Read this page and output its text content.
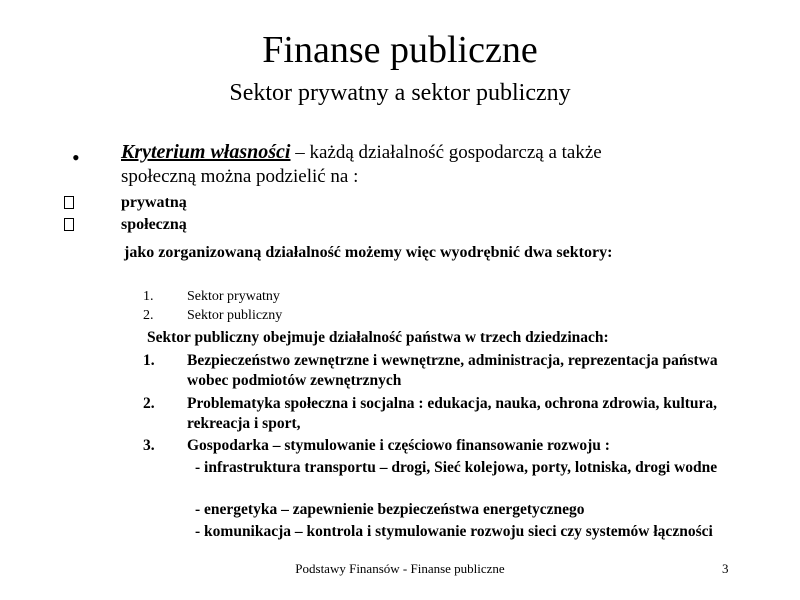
Finanse publiczne
Sektor prywatny a sektor publiczny
• Kryterium własności – każdą działalność gospodarczą a także
społeczną można podzielić na :
prywatną
społeczną
jako zorganizowaną działalność możemy więc wyodrębnić dwa sektory:
1. Sektor prywatny
2. Sektor publiczny
Sektor publiczny obejmuje działalność państwa w trzech dziedzinach:
1. Bezpieczeństwo zewnętrzne i wewnętrzne, administracja, reprezentacja państwa wobec podmiotów zewnętrznych
2. Problematyka społeczna i socjalna : edukacja, nauka, ochrona zdrowia, kultura, rekreacja i sport,
3. Gospodarka – stymulowanie i częściowo finansowanie rozwoju :
- infrastruktura transportu – drogi, Sieć kolejowa, porty, lotniska, drogi wodne
- energetyka – zapewnienie bezpieczeństwa energetycznego
- komunikacja – kontrola i stymulowanie rozwoju sieci czy systemów łączności
Podstawy Finansów - Finanse publiczne	3
